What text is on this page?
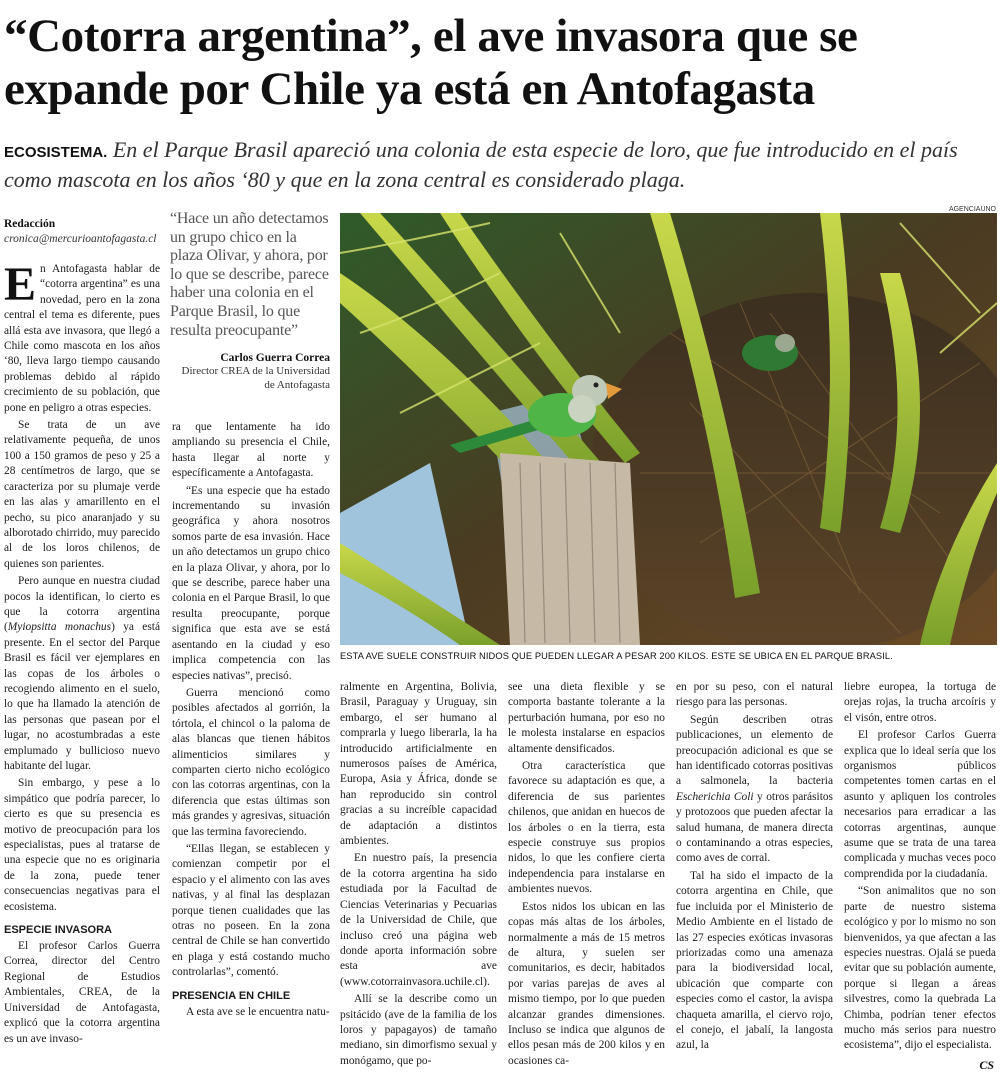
“Cotorra argentina”, el ave invasora que se expande por Chile ya está en Antofagasta
ECOSISTEMA. En el Parque Brasil apareció una colonia de esta especie de loro, que fue introducido en el país como mascota en los años ‘80 y que en la zona central es considerado plaga.
Redacción
cronica@mercurioantofagasta.cl

En Antofagasta hablar de “cotorra argentina” es una novedad, pero en la zona central el tema es diferente, pues allá esta ave invasora, que llegó a Chile como mascota en los años ‘80, lleva largo tiempo causando problemas debido al rápido crecimiento de su población, que pone en peligro a otras especies.

Se trata de un ave relativamente pequeña, de unos 100 a 150 gramos de peso y 25 a 28 centímetros de largo, que se caracteriza por su plumaje verde en las alas y amarillento en el pecho, su pico anaranjado y su alborotado chirrido, muy parecido al de los loros chilenos, de quienes son parientes.

Pero aunque en nuestra ciudad pocos la identifican, lo cierto es que la cotorra argentina (Myiopsitta monachus) ya está presente. En el sector del Parque Brasil es fácil ver ejemplares en las copas de los árboles o recogiendo alimento en el suelo, lo que ha llamado la atención de las personas que pasean por el lugar, no acostumbradas a este emplumado y bullicioso nuevo habitante del lugar.

Sin embargo, y pese a lo simpático que podría parecer, lo cierto es que su presencia es motivo de preocupación para los especialistas, pues al tratarse de una especie que no es originaria de la zona, puede tener consecuencias negativas para el ecosistema.

ESPECIE INVASORA

El profesor Carlos Guerra Correa, director del Centro Regional de Estudios Ambientales, CREA, de la Universidad de Antofagasta, explicó que la cotorra argentina es un ave invaso-

“Hace un año detectamos un grupo chico en la plaza Olivar, y ahora, por lo que se describe, parece haber una colonia en el Parque Brasil, lo que resulta preocupante”
Carlos Guerra Correa
Director CREA de la Universidad de Antofagasta

ra que lentamente ha ido ampliando su presencia el Chile, hasta llegar al norte y específicamente a Antofagasta.

“Es una especie que ha estado incrementando su invasión geográfica y ahora nosotros somos parte de esa invasión. Hace un año detectamos un grupo chico en la plaza Olivar, y ahora, por lo que se describe, parece haber una colonia en el Parque Brasil, lo que resulta preocupante, porque significa que esta ave se está asentando en la ciudad y eso implica competencia con las especies nativas”, precisó.

Guerra mencionó como posibles afectados al gorrión, la tórtola, el chincol o la paloma de alas blancas que tienen hábitos alimenticios similares y comparten cierto nicho ecológico con las cotorras argentinas, con la diferencia que estas últimas son más grandes y agresivas, situación que las termina favoreciendo.

“Ellas llegan, se establecen y comienzan competir por el espacio y el alimento con las aves nativas, y al final las desplazan porque tienen cualidades que las otras no poseen. En la zona central de Chile se han convertido en plaga y está costando mucho controlarlas”, comentó.

PRESENCIA EN CHILE

A esta ave se le encuentra natu-

AGENCIAUNO
ESTA AVE SUELE CONSTRUIR NIDOS QUE PUEDEN LLEGAR A PESAR 200 KILOS. ESTE SE UBICA EN EL PARQUE BRASIL.

ralmente en Argentina, Bolivia, Brasil, Paraguay y Uruguay, sin embargo, el ser humano al comprarla y luego liberarla, la ha introducido artificialmente en numerosos países de América, Europa, Asia y África, donde se han reproducido sin control gracias a su increíble capacidad de adaptación a distintos ambientes.

En nuestro país, la presencia de la cotorra argentina ha sido estudiada por la Facultad de Ciencias Veterinarias y Pecuarias de la Universidad de Chile, que incluso creó una página web donde aporta información sobre esta ave (www.cotorrainvasora.uchile.cl).

Allí se la describe como un psitácido (ave de la familia de los loros y papagayos) de tamaño mediano, sin dimorfismo sexual y monógamo, que po-

see una dieta flexible y se comporta bastante tolerante a la perturbación humana, por eso no le molesta instalarse en espacios altamente densificados.

Otra característica que favorece su adaptación es que, a diferencia de sus parientes chilenos, que anidan en huecos de los árboles o en la tierra, esta especie construye sus propios nidos, lo que les confiere cierta independencia para instalarse en ambientes nuevos.

Estos nidos los ubican en las copas más altas de los árboles, normalmente a más de 15 metros de altura, y suelen ser comunitarios, es decir, habitados por varias parejas de aves al mismo tiempo, por lo que pueden alcanzar grandes dimensiones. Incluso se indica que algunos de ellos pesan más de 200 kilos y en ocasiones ca-

en por su peso, con el natural riesgo para las personas.

Según describen otras publicaciones, un elemento de preocupación adicional es que se han identificado cotorras positivas a salmonela, la bacteria Escherichia Coli y otros parásitos y protozoos que pueden afectar la salud humana, de manera directa o contaminando a otras especies, como aves de corral.

Tal ha sido el impacto de la cotorra argentina en Chile, que fue incluida por el Ministerio de Medio Ambiente en el listado de las 27 especies exóticas invasoras priorizadas como una amenaza para la biodiversidad local, ubicación que comparte con especies como el castor, la avispa chaqueta amarilla, el ciervo rojo, el conejo, el jabalí, la langosta azul, la

liebre europea, la tortuga de orejas rojas, la trucha arcoíris y el visón, entre otros.

El profesor Carlos Guerra explica que lo ideal sería que los organismos públicos competentes tomen cartas en el asunto y apliquen los controles necesarios para erradicar a las cotorras argentinas, aunque asume que se trata de una tarea complicada y muchas veces poco comprendida por la ciudadanía.

“Son animalitos que no son parte de nuestro sistema ecológico y por lo mismo no son bienvenidos, ya que afectan a las especies nuestras. Ojalá se pueda evitar que su población aumente, porque si llegan a áreas silvestres, como la quebrada La Chimba, podrían tener efectos mucho más serios para nuestro ecosistema”, dijo el especialista.

CS
